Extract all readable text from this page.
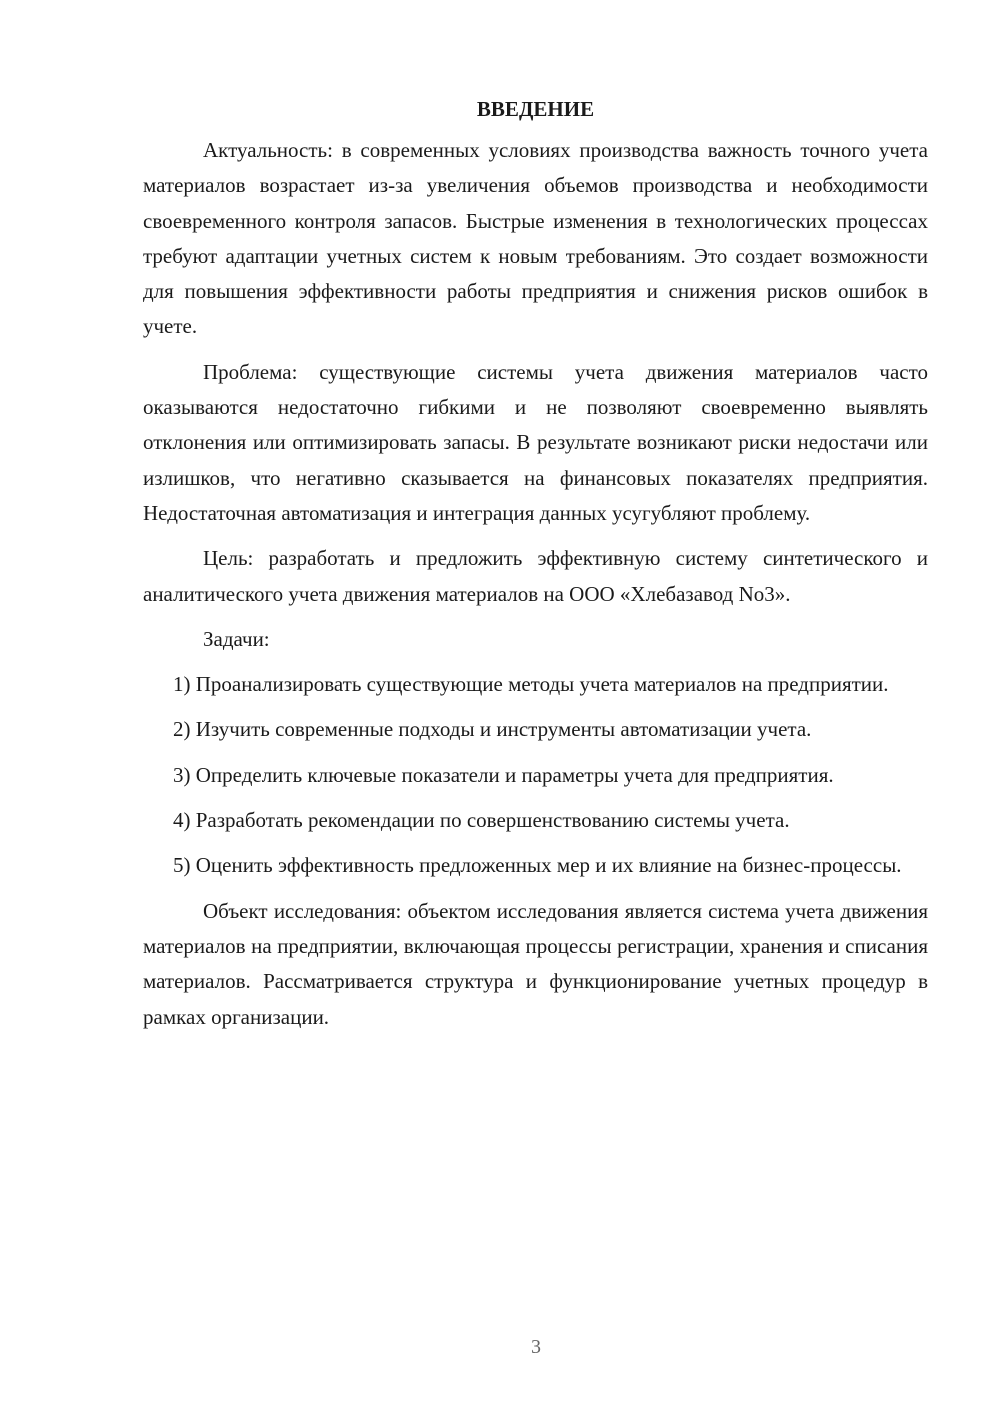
ВВЕДЕНИЕ

Актуальность: в современных условиях производства важность точного учета материалов возрастает из-за увеличения объемов производства и необходимости своевременного контроля запасов. Быстрые изменения в технологических процессах требуют адаптации учетных систем к новым требованиям. Это создает возможности для повышения эффективности работы предприятия и снижения рисков ошибок в учете.

Проблема: существующие системы учета движения материалов часто оказываются недостаточно гибкими и не позволяют своевременно выявлять отклонения или оптимизировать запасы. В результате возникают риски недостачи или излишков, что негативно сказывается на финансовых показателях предприятия. Недостаточная автоматизация и интеграция данных усугубляют проблему.

Цель: разработать и предложить эффективную систему синтетического и аналитического учета движения материалов на ООО «Хлебазавод No3».

Задачи:

1) Проанализировать существующие методы учета материалов на предприятии.

2) Изучить современные подходы и инструменты автоматизации учета.

3) Определить ключевые показатели и параметры учета для предприятия.

4) Разработать рекомендации по совершенствованию системы учета.

5) Оценить эффективность предложенных мер и их влияние на бизнес-процессы.

Объект исследования: объектом исследования является система учета движения материалов на предприятии, включающая процессы регистрации, хранения и списания материалов. Рассматривается структура и функционирование учетных процедур в рамках организации.

3
